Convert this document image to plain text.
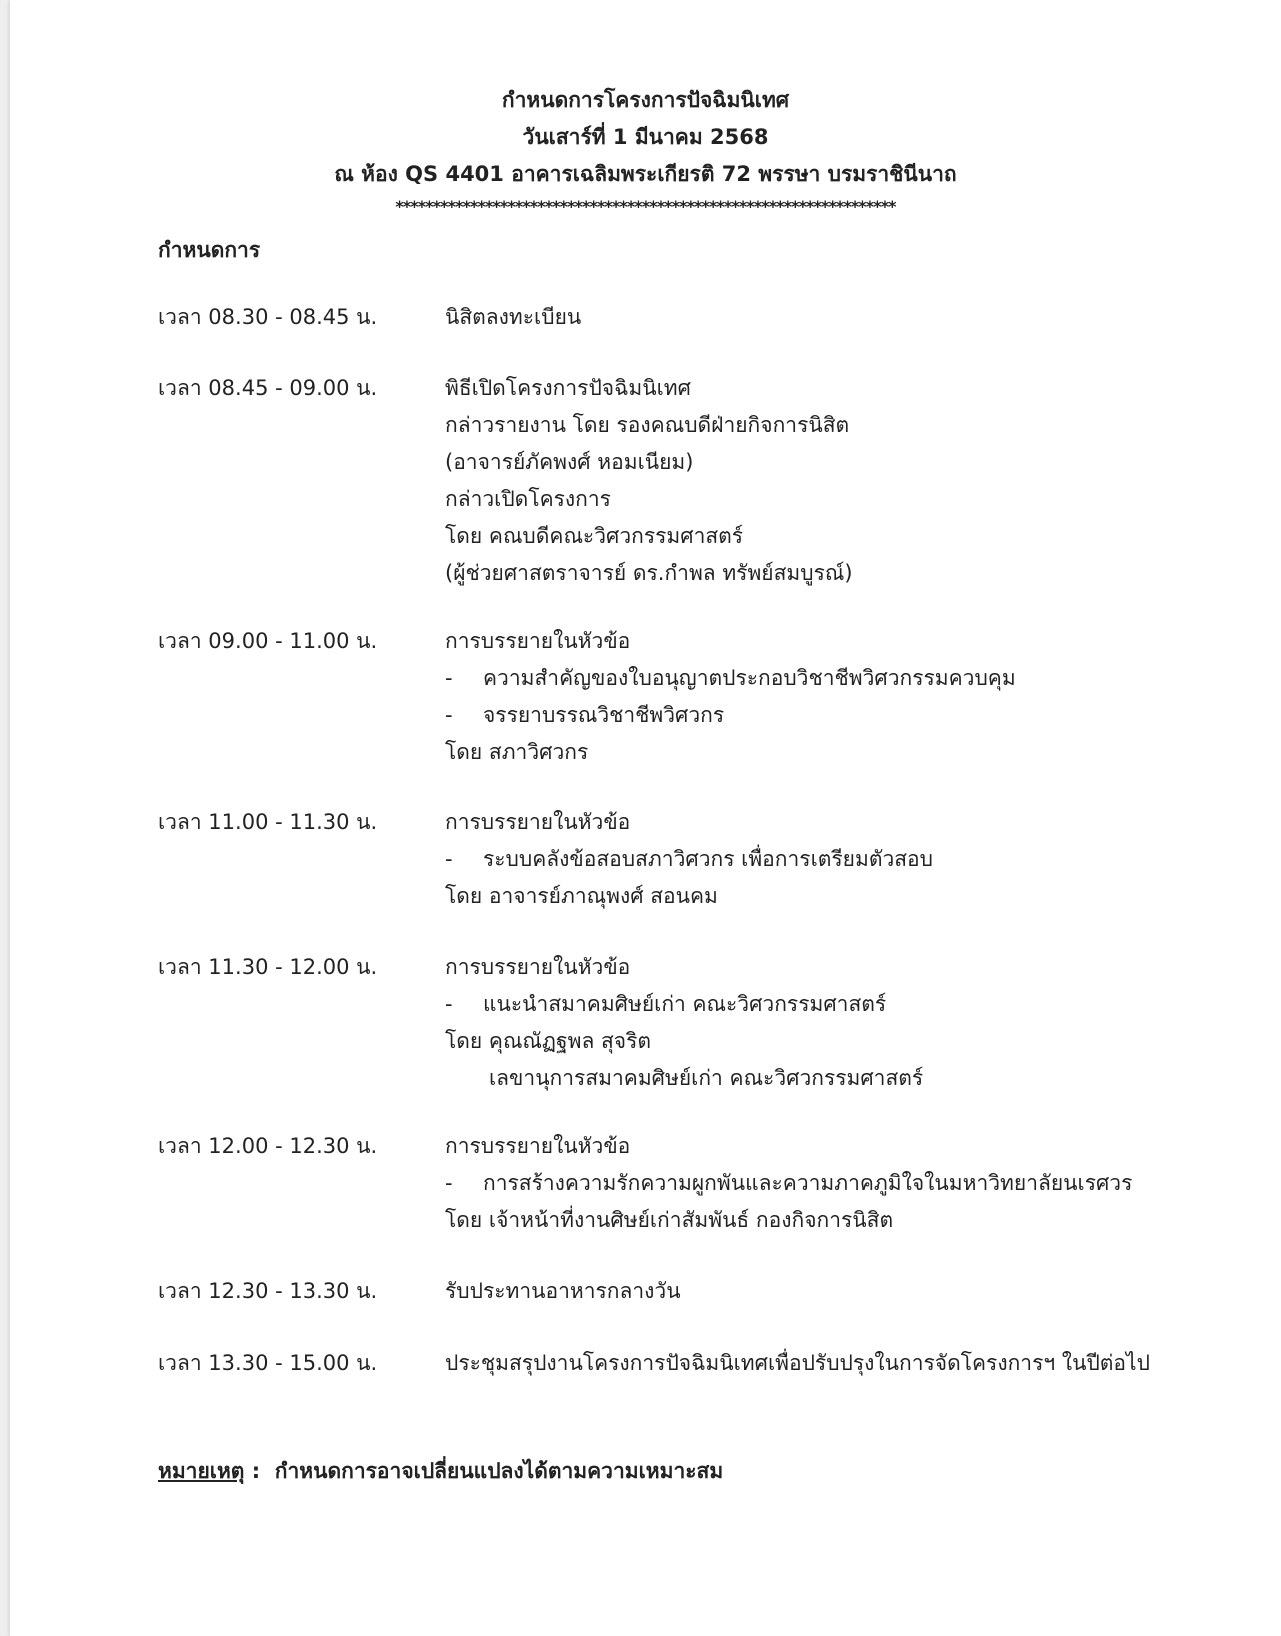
กำหนดการโครงการปัจฉิมนิเทศ
วันเสาร์ที่ 1 มีนาคม 2568
ณ ห้อง QS 4401 อาคารเฉลิมพระเกียรติ 72 พรรษา บรมราชินีนาถ
*******************************************************************
กำหนดการ
เวลา 08.30 - 08.45 น.	นิสิตลงทะเบียน
เวลา 08.45 - 09.00 น.	พิธีเปิดโครงการปัจฉิมนิเทศ
กล่าวรายงาน โดย รองคณบดีฝ่ายกิจการนิสิต
(อาจารย์ภัคพงศ์ หอมเนียม)
กล่าวเปิดโครงการ
โดย คณบดีคณะวิศวกรรมศาสตร์
(ผู้ช่วยศาสตราจารย์ ดร.กำพล ทรัพย์สมบูรณ์)
เวลา 09.00 - 11.00 น.	การบรรยายในหัวข้อ
- ความสำคัญของใบอนุญาตประกอบวิชาชีพวิศวกรรมควบคุม
- จรรยาบรรณวิชาชีพวิศวกร
โดย สภาวิศวกร
เวลา 11.00 - 11.30 น.	การบรรยายในหัวข้อ
- ระบบคลังข้อสอบสภาวิศวกร เพื่อการเตรียมตัวสอบ
โดย อาจารย์ภาณุพงศ์ สอนคม
เวลา 11.30 - 12.00 น.	การบรรยายในหัวข้อ
- แนะนำสมาคมศิษย์เก่า คณะวิศวกรรมศาสตร์
โดย คุณณัฏฐพล สุจริต
เลขานุการสมาคมศิษย์เก่า คณะวิศวกรรมศาสตร์
เวลา 12.00 - 12.30 น.	การบรรยายในหัวข้อ
- การสร้างความรักความผูกพันและความภาคภูมิใจในมหาวิทยาลัยนเรศวร
โดย เจ้าหน้าที่งานศิษย์เก่าสัมพันธ์ กองกิจการนิสิต
เวลา 12.30 - 13.30 น.	รับประทานอาหารกลางวัน
เวลา 13.30 - 15.00 น.	ประชุมสรุปงานโครงการปัจฉิมนิเทศเพื่อปรับปรุงในการจัดโครงการฯ ในปีต่อไป
หมายเหตุ :  กำหนดการอาจเปลี่ยนแปลงได้ตามความเหมาะสม
